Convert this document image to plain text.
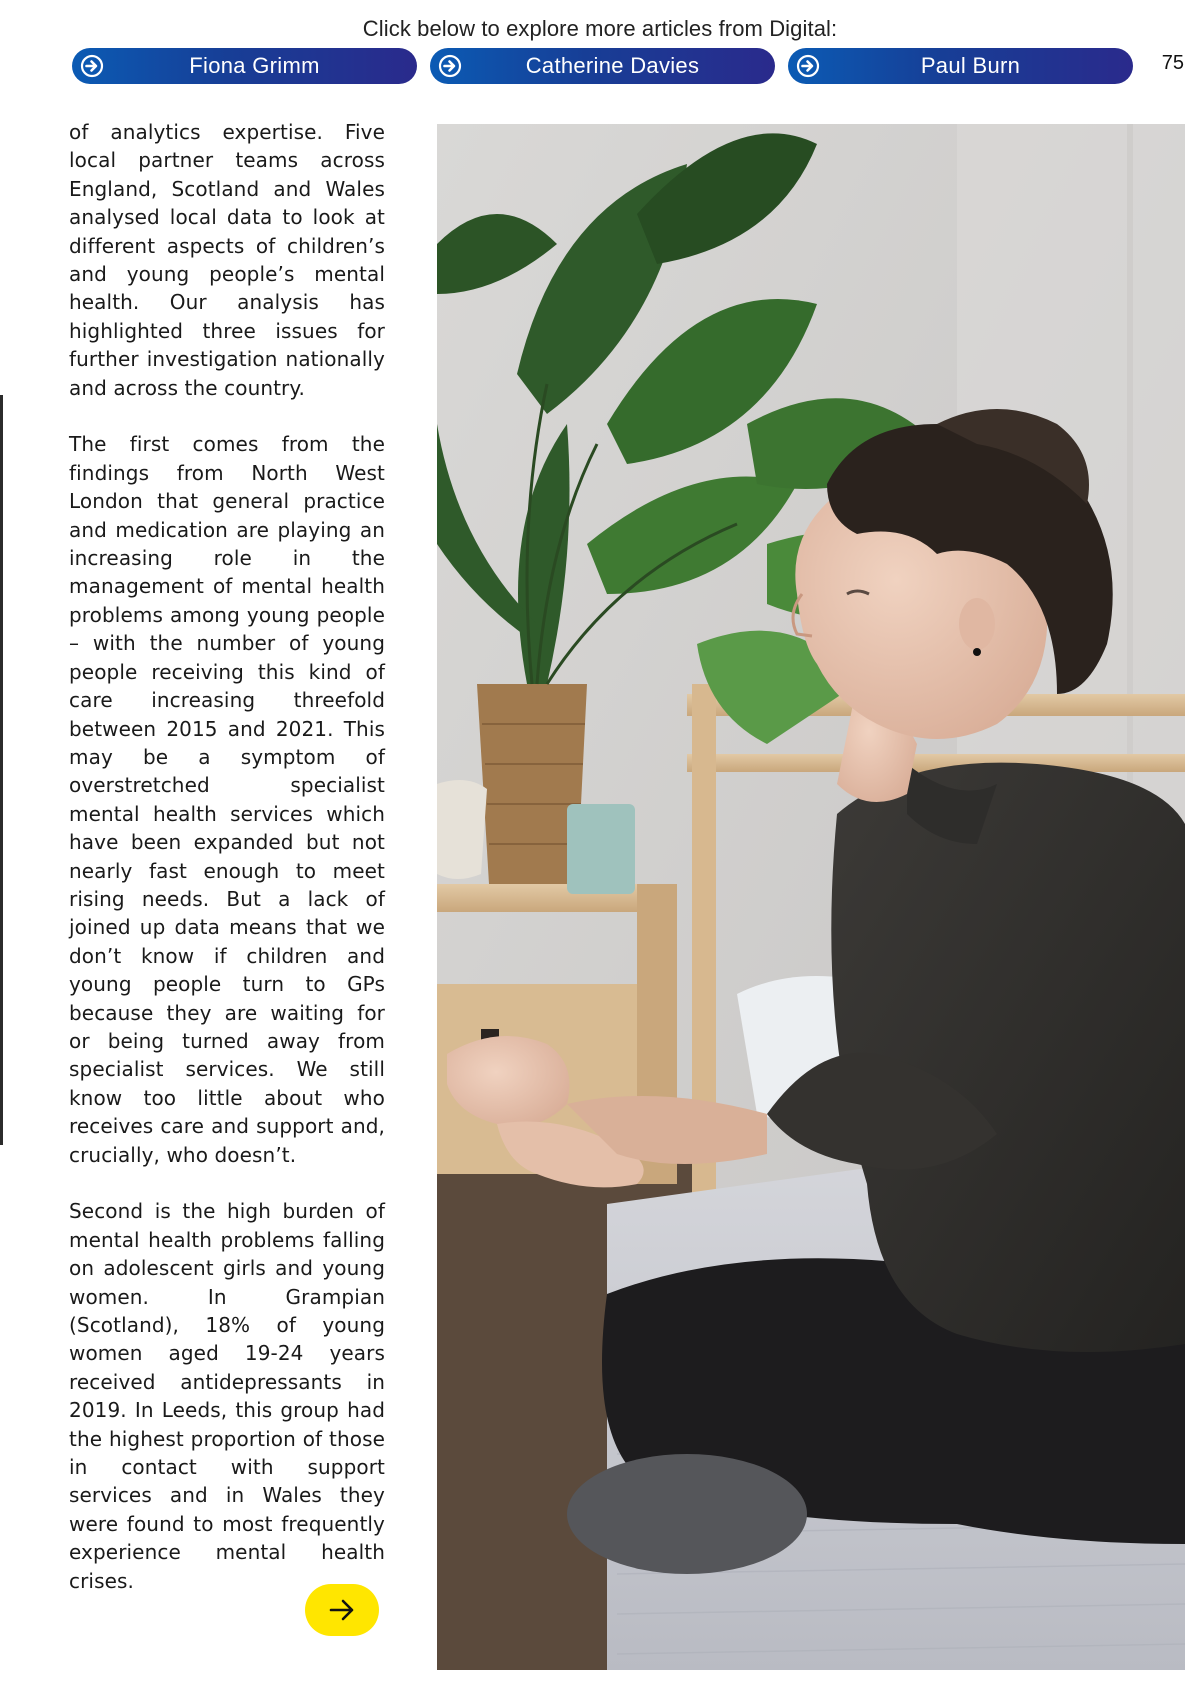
Click below to explore more articles from Digital:
Fiona Grimm	Catherine Davies	Paul Burn	75

of analytics expertise. Five local partner teams across England, Scotland and Wales analysed local data to look at different aspects of children’s and young people’s mental health. Our analysis has highlighted three issues for further investigation nationally and across the country.

The first comes from the findings from North West London that general practice and medication are playing an increasing role in the management of mental health problems among young people – with the number of young people receiving this kind of care increasing threefold between 2015 and 2021. This may be a symptom of overstretched specialist mental health services which have been expanded but not nearly fast enough to meet rising needs. But a lack of joined up data means that we don’t know if children and young people turn to GPs because they are waiting for or being turned away from specialist services. We still know too little about who receives care and support and, crucially, who doesn’t.

Second is the high burden of mental health problems falling on adolescent girls and young women. In Grampian (Scotland), 18% of young women aged 19-24 years received antidepressants in 2019. In Leeds, this group had the highest proportion of those in contact with support services and in Wales they were found to most frequently experience mental health crises.
